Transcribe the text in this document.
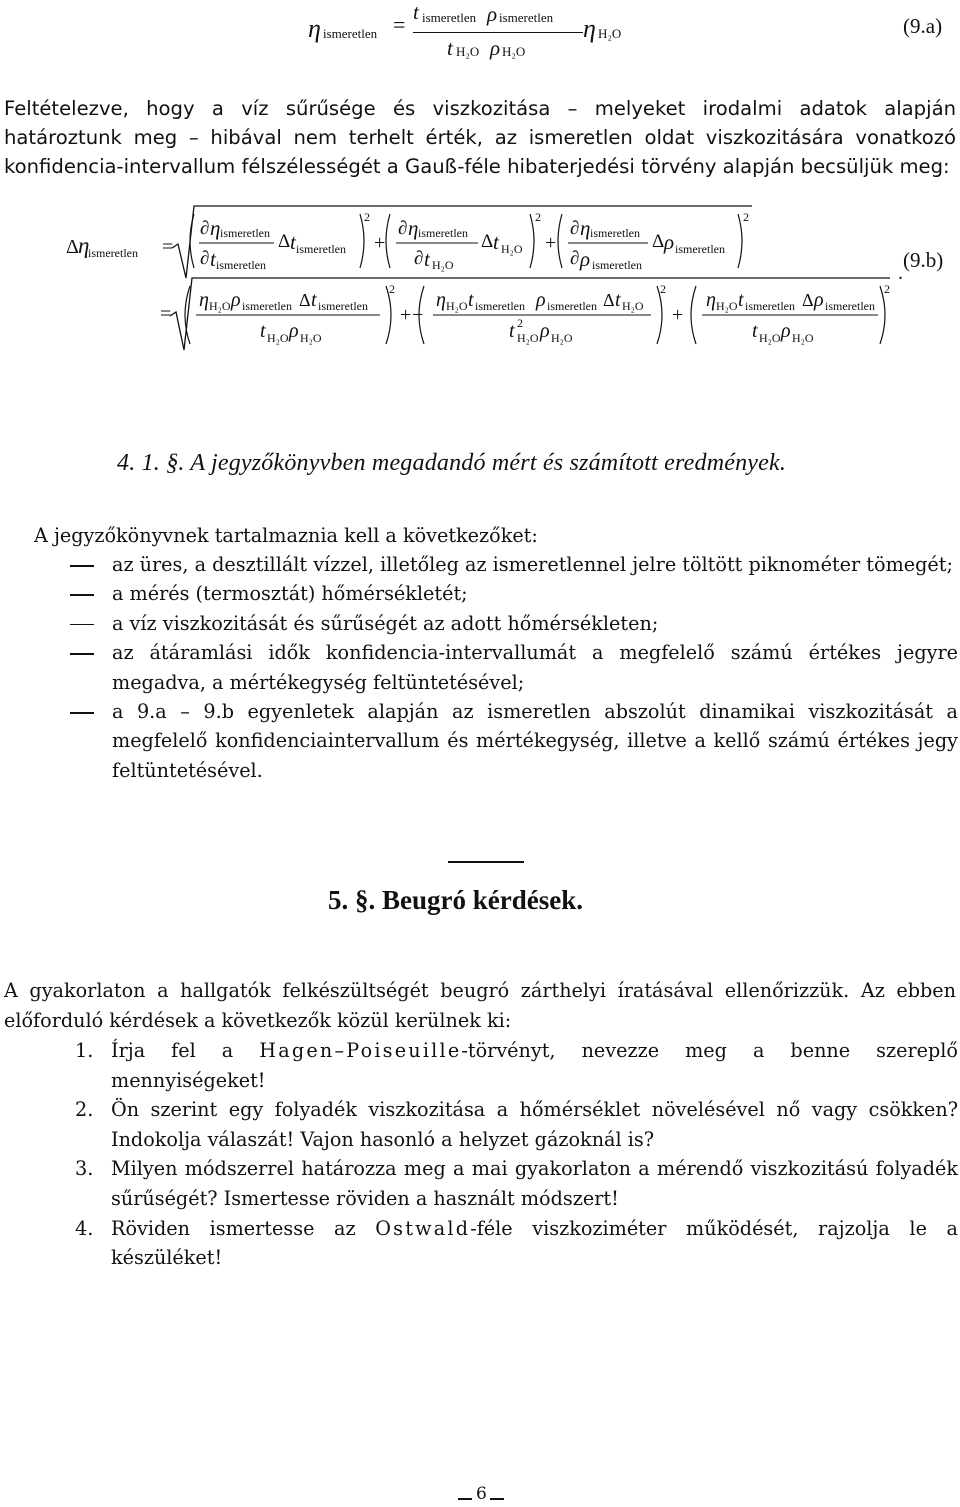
η ismeretlen = t ismeretlen ρ ismeretlen
t H₂O ρ H₂O
η H₂O	(9.a)
Feltételezve, hogy a víz sűrűsége és viszkozitása – melyeket irodalmi adatok alapján határoztunk meg – hibával nem terhelt érték, az ismeretlen oldat viszkozitására vonatkozó konfidencia-intervallum félszélességét a Gauß-féle hibaterjedési törvény alapján becsüljük meg:
Δ η
ismeretlen =
=
∂ η ismeretlen
∂ t ismeretlen
Δ t ismeretlen
2
+
∂ η ismeretlen
∂ t H₂O
Δ t H₂O
2
+
∂ η ismeretlen
∂ ρ ismeretlen
Δ ρ ismeretlen
2
(9.b)
.
η H₂O ρ ismeretlen Δ t ismeretlen
t H₂O ρ H₂O
2
+ −
η H₂O t ismeretlen ρ ismeretlen Δ t H₂O
t 2
H₂O ρ H₂O
2
+
η H₂O t ismeretlen Δ ρ ismeretlen
t H₂O ρ H₂O
2
4. 1. §. A jegyzőkönyvben megadandó mért és számított eredmények.
A jegyzőkönyvnek tartalmaznia kell a következőket:
az üres, a desztillált vízzel, illetőleg az ismeretlennel jelre töltött piknométer tömegét;
a mérés (termosztát) hőmérsékletét;
a víz viszkozitását és sűrűségét az adott hőmérsékleten;
az átáramlási idők konfidencia-intervallumát a megfelelő számú értékes jegyre megadva, a mértékegység feltüntetésével;
a 9.a – 9.b egyenletek alapján az ismeretlen abszolút dinamikai viszkozitását a megfelelő konfidenciaintervallum és mértékegység, illetve a kellő számú értékes jegy feltüntetésével.
5. §. Beugró kérdések.
A gyakorlaton a hallgatók felkészültségét beugró zárthelyi íratásával ellenőrizzük. Az ebben előforduló kérdések a következők közül kerülnek ki:
1. Írja fel a Hagen–Poiseuille-törvényt, nevezze meg a benne szereplő mennyiségeket!
2. Ön szerint egy folyadék viszkozitása a hőmérséklet növelésével nő vagy csökken? Indokolja válaszát! Vajon hasonló a helyzet gázoknál is?
3. Milyen módszerrel határozza meg a mai gyakorlaton a mérendő viszkozitású folyadék sűrűségét? Ismertesse röviden a használt módszert!
4. Röviden ismertesse az Ostwald-féle viszkoziméter működését, rajzolja le a készüléket!
6
